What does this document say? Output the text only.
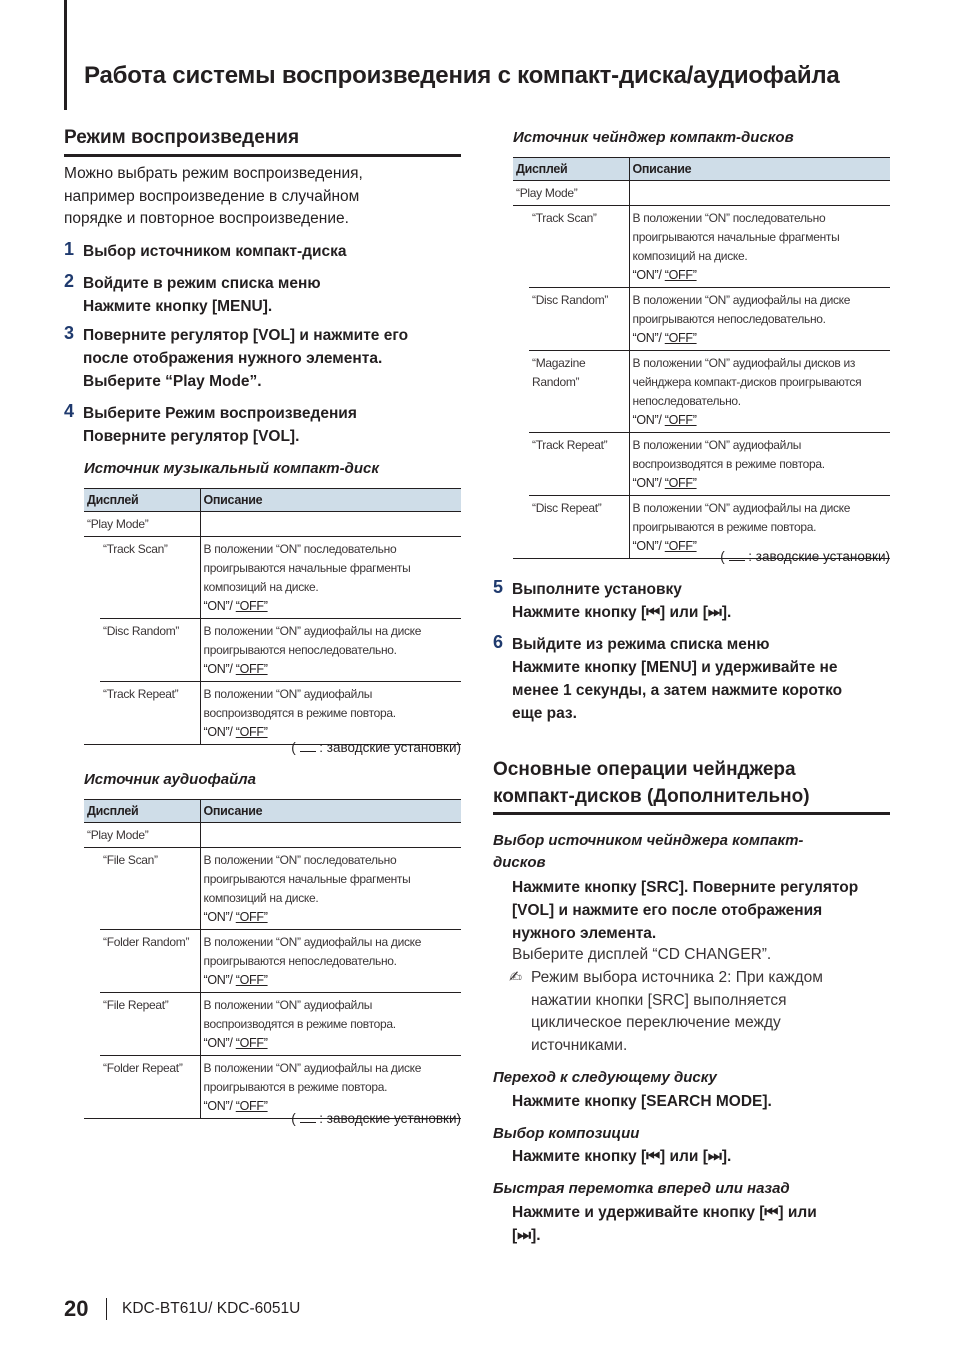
Работа системы воспроизведения с компакт-диска/аудиофайла
Режим воспроизведения
Можно выбрать режим воспроизведения, например воспроизведение в случайном порядке и повторное воспроизведение.
1 Выбор источником компакт-диска
2 Войдите в режим списка меню
Нажмите кнопку [MENU].
3 Поверните регулятор [VOL] и нажмите его
после отображения нужного элемента.
Выберите “Play Mode”.
4 Выберите Режим воспроизведения
Поверните регулятор [VOL].
Источник музыкальный компакт-диск
Дисплей		Описание
“Play Mode”		
	“Track Scan”	В положении “ON” последовательно
проигрываются начальные фрагменты
композиций на диске.
“ON”/ “OFF”

	“Disc Random”	В положении “ON” аудиофайлы на диске
проигрываются непоследовательно.
“ON”/ “OFF”

	“Track Repeat”	В положении “ON” аудиофайлы
воспроизводятся в режиме повтора.
“ON”/ “OFF”
(  : заводские установки)
Источник аудиофайла
Дисплей		Описание
“Play Mode”		
	“File Scan”	В положении “ON” последовательно
проигрываются начальные фрагменты
композиций на диске.
“ON”/ “OFF”

	“Folder Random”	В положении “ON” аудиофайлы на диске
проигрываются непоследовательно.
“ON”/ “OFF”

	“File Repeat”	В положении “ON” аудиофайлы
воспроизводятся в режиме повтора.
“ON”/ “OFF”

	“Folder Repeat”	В положении “ON” аудиофайлы на диске
проигрываются в режиме повтора.
“ON”/ “OFF”
(  : заводские установки)
Источник чейнджер компакт-дисков
Дисплей		Описание
“Play Mode”		
	“Track Scan”	В положении “ON” последовательно
проигрываются начальные фрагменты
композиций на диске.
“ON”/ “OFF”

	“Disc Random”	В положении “ON” аудиофайлы на диске
проигрываются непоследовательно.
“ON”/ “OFF”

	“Magazine
Random”	В положении “ON” аудиофайлы дисков из
чейнджера компакт-дисков проигрываются
непоследовательно.
“ON”/ “OFF”

	“Track Repeat”	В положении “ON” аудиофайлы
воспроизводятся в режиме повтора.
“ON”/ “OFF”

	“Disc Repeat”	В положении “ON” аудиофайлы на диске
проигрываются в режиме повтора.
“ON”/ “OFF”
(  : заводские установки)
5 Выполните установку
Нажмите кнопку [⏮] или [⏭].
6 Выйдите из режима списка меню
Нажмите кнопку [MENU] и удерживайте не
менее 1 секунды, а затем нажмите коротко
еще раз.
Основные операции чейнджера
компакт-дисков (Дополнительно)
Выбор источником чейнджера компакт-
дисков
Нажмите кнопку [SRC]. Поверните регулятор
[VOL] и нажмите его после отображения
нужного элемента.
Выберите дисплей “CD CHANGER”.
✍ Режим выбора источника 2: При каждом
нажатии кнопки [SRC] выполняется
циклическое переключение между
источниками.
Переход к следующему диску
Нажмите кнопку [SEARCH MODE].
Выбор композиции
Нажмите кнопку [⏮] или [⏭].
Быстрая перемотка вперед или назад
Нажмите и удерживайте кнопку [⏮] или
[⏭].
20 KDC-BT61U/ KDC-6051U
